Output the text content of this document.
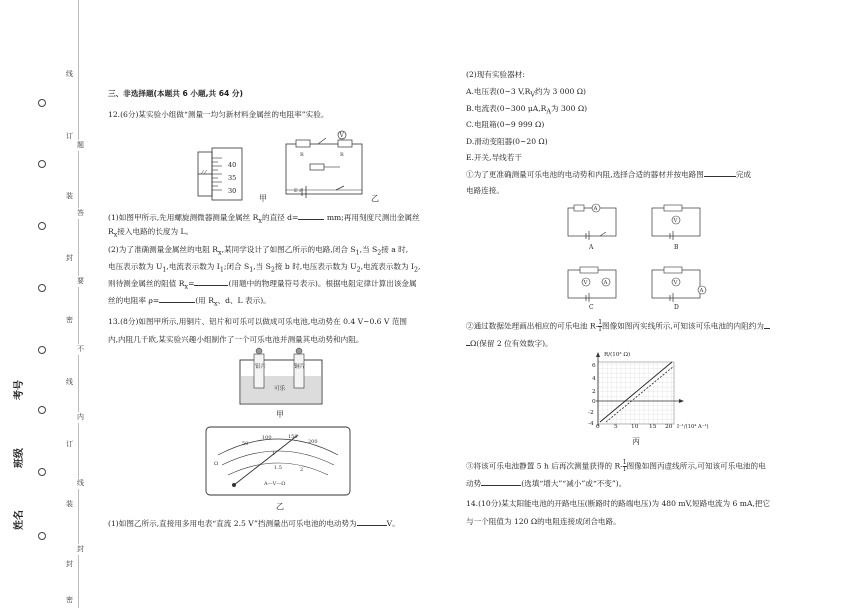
线
订
装
封
密
线
订
装
封
密
题
答
要
不
内
线
封
考号
班级
姓名
三、非选择题(本题共 6 小题,共 64 分)
12.(6分)某实验小组做“测量一均匀新材料金属丝的电阻率”实验。
40
35
30
甲
V
R	R
E r
乙
(1)如图甲所示,先用螺旋测微器测量金属丝 $R_x$的直径 d=	mm;再用刻度尺测出金属丝
$R_x$接入电路的长度为 L。
(2)为了准确测量金属丝的电阻 $R_x$,某同学设计了如图乙所示的电路,闭合 $S_1$,当 $S_2$接 a 时,
电压表示数为 $U_1$,电流表示数为 $I_1$;闭合 $S_1$,当 $S_2$接 b 时,电压表示数为 $U_2$,电流表示数为 $I_2$,
则待测金属丝的阻值 $R_x=$	(用题中的物理量符号表示)。根据电阻定律计算出该金属
丝的电阻率 ρ=	(用 $R_x$、d、L 表示)。
13.(8分)如图甲所示,用铜片、铝片和可乐可以做成可乐电池,电动势在 0.4 V~0.6 V 范围
内,内阻几千欧,某实验兴趣小组制作了一个可乐电池并测量其电动势和内阻。
铝片	铜片
可乐
甲
Ω
50
100	150
200
1
1.5	2
A—V—Ω
乙
(1)如图乙所示,直接用多用电表“直流 2.5 V”挡测量出可乐电池的电动势为	V。
(2)现有实验器材:
A.电压表(0~3 $V,R_V$约为 3 000 Ω)
B.电流表(0~300 $\mu A,R_A$为 300 Ω)
C.电阻箱(0~9 999 Ω)
D.滑动变阻器(0~20 Ω)
E.开关,导线若干
①为了更准确测量可乐电池的电动势和内阻,选择合适的器材并按电路图	完成
电路连接。
A
A
V
B
V	A
C
V
A
D
②通过数据处理画出相应的可乐电池 $R- \frac{1}{I}$ 图像如图丙实线所示,可知该可乐电池的内阻约为
Ω(保留 2 位有效数字)。
R/(10³ Ω)
6
4
2
0
-2
-4 0 5 10 15 20 I⁻¹/(10⁴ A⁻¹)
丙
③将该可乐电池静置 5 h 后再次测量获得的 $R- \frac{1}{I}$ 图像如图丙虚线所示,可知该可乐电池的电
动势	(选填“增大”“减小”或“不变”)。
14.(10分)某太阳能电池的开路电压(断路时的路端电压)为 480 mV,短路电流为 6 mA,把它
与一个阻值为 120 Ω的电阻连接成闭合电路。
